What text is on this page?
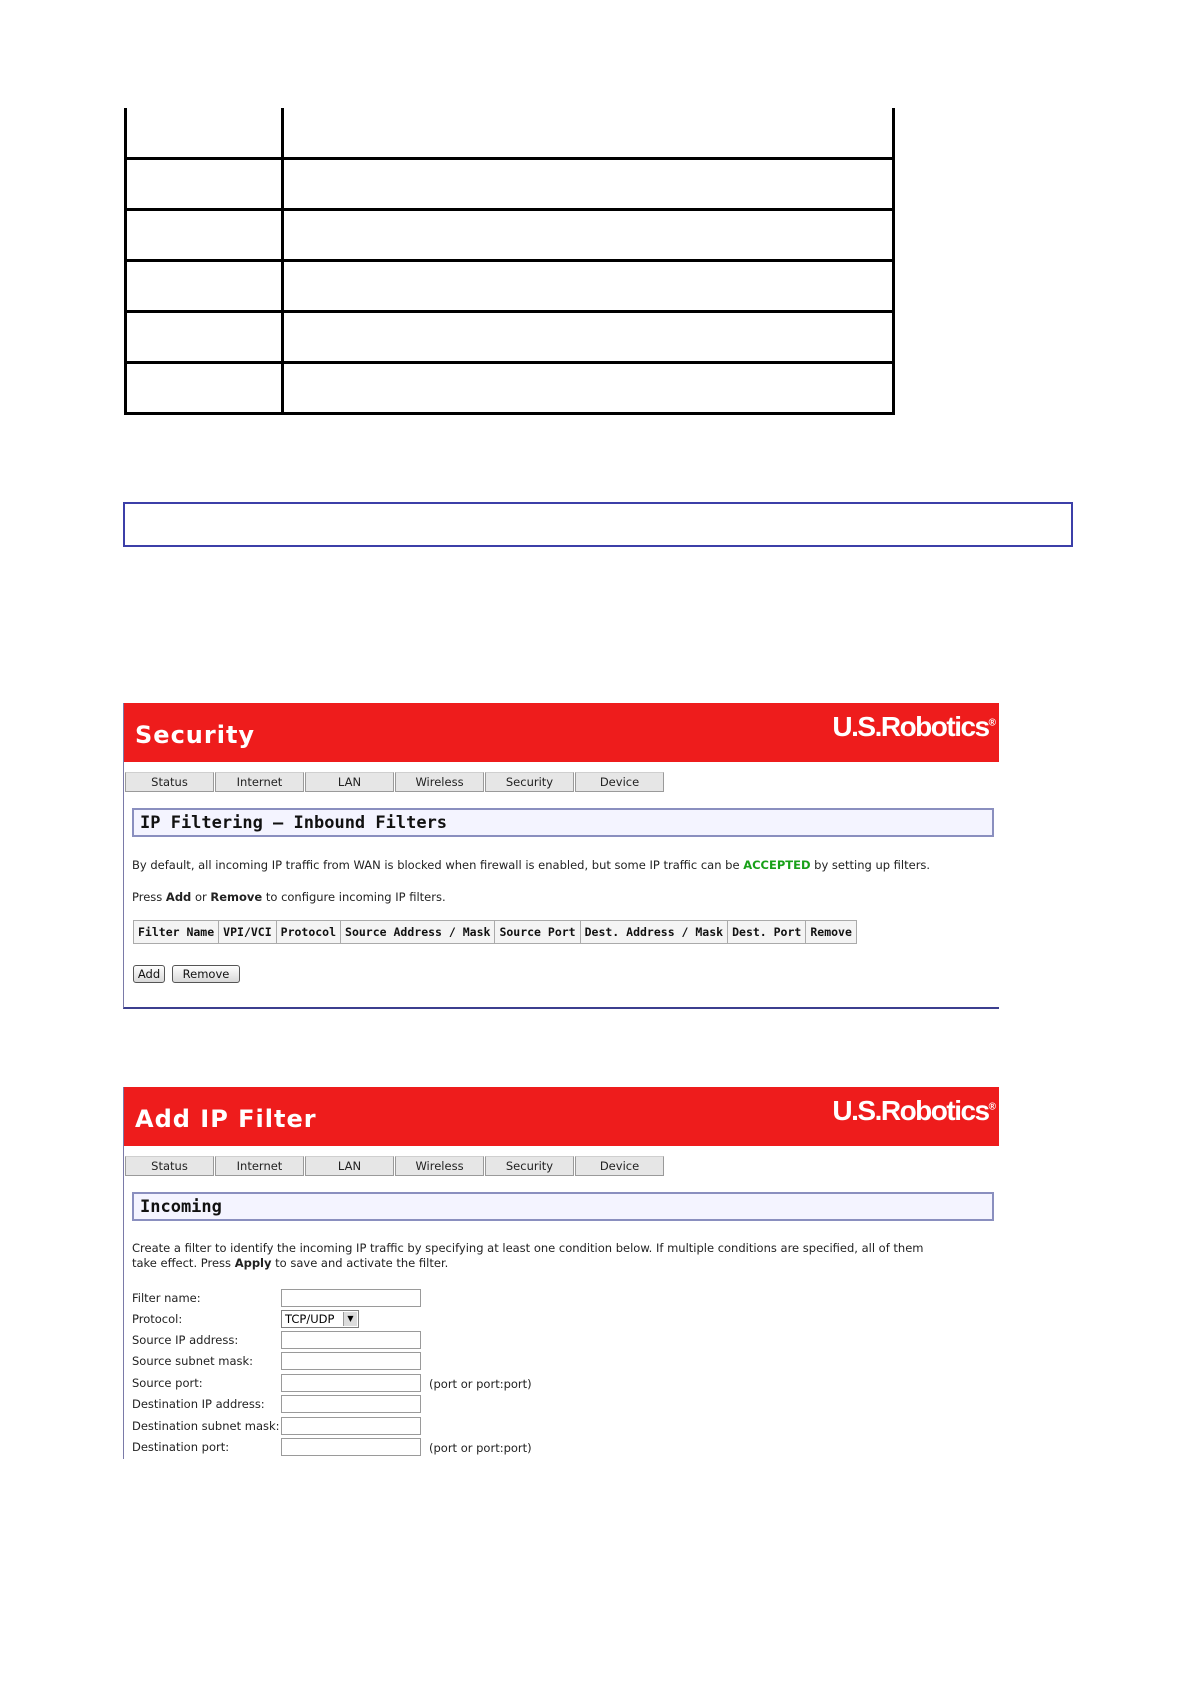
Security	U.S.Robotics®
Status	Internet	LAN	Wireless	Security	Device
IP Filtering — Inbound Filters
By default, all incoming IP traffic from WAN is blocked when firewall is enabled, but some IP traffic can be ACCEPTED by setting up filters.
Press Add or Remove to configure incoming IP filters.
Filter Name	VPI/VCI	Protocol	Source Address / Mask	Source Port	Dest. Address / Mask	Dest. Port	Remove
Add	Remove
Add IP Filter	U.S.Robotics®
Status	Internet	LAN	Wireless	Security	Device
Incoming
Create a filter to identify the incoming IP traffic by specifying at least one condition below. If multiple conditions are specified, all of them
take effect. Press Apply to save and activate the filter.
Filter name:
Protocol:	TCP/UDP	▼
Source IP address:
Source subnet mask:
Source port:	(port or port:port)
Destination IP address:
Destination subnet mask:
Destination port:	(port or port:port)
